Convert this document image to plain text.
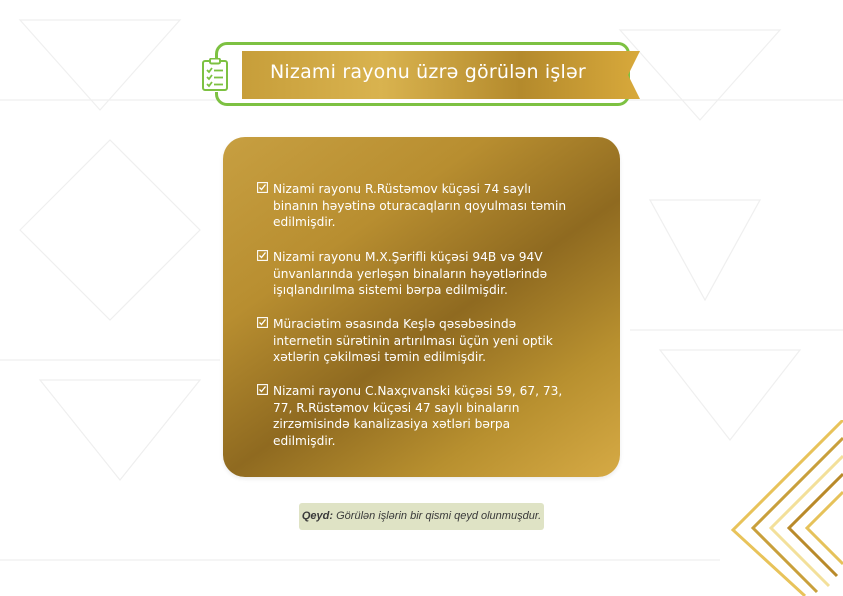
Nizami rayonu üzrə görülən işlər
Nizami rayonu R.Rüstəmov küçəsi 74 saylı binanın həyətinə oturacaqların qoyulması təmin edilmişdir.
Nizami rayonu M.X.Şərifli küçəsi 94B və 94V ünvanlarında yerləşən binaların həyətlərində işıqlandırılma sistemi bərpa edilmişdir.
Müraciətim əsasında Keşlə qəsəbəsində internetin sürətinin artırılması üçün yeni optik xətlərin çəkilməsi təmin edilmişdir.
Nizami rayonu C.Naxçıvanski küçəsi 59, 67, 73, 77, R.Rüstəmov küçəsi 47 saylı binaların zirzəmisində kanalizasiya xətləri bərpa edilmişdir.
Qeyd: Görülən işlərin bir qismi qeyd olunmuşdur.
